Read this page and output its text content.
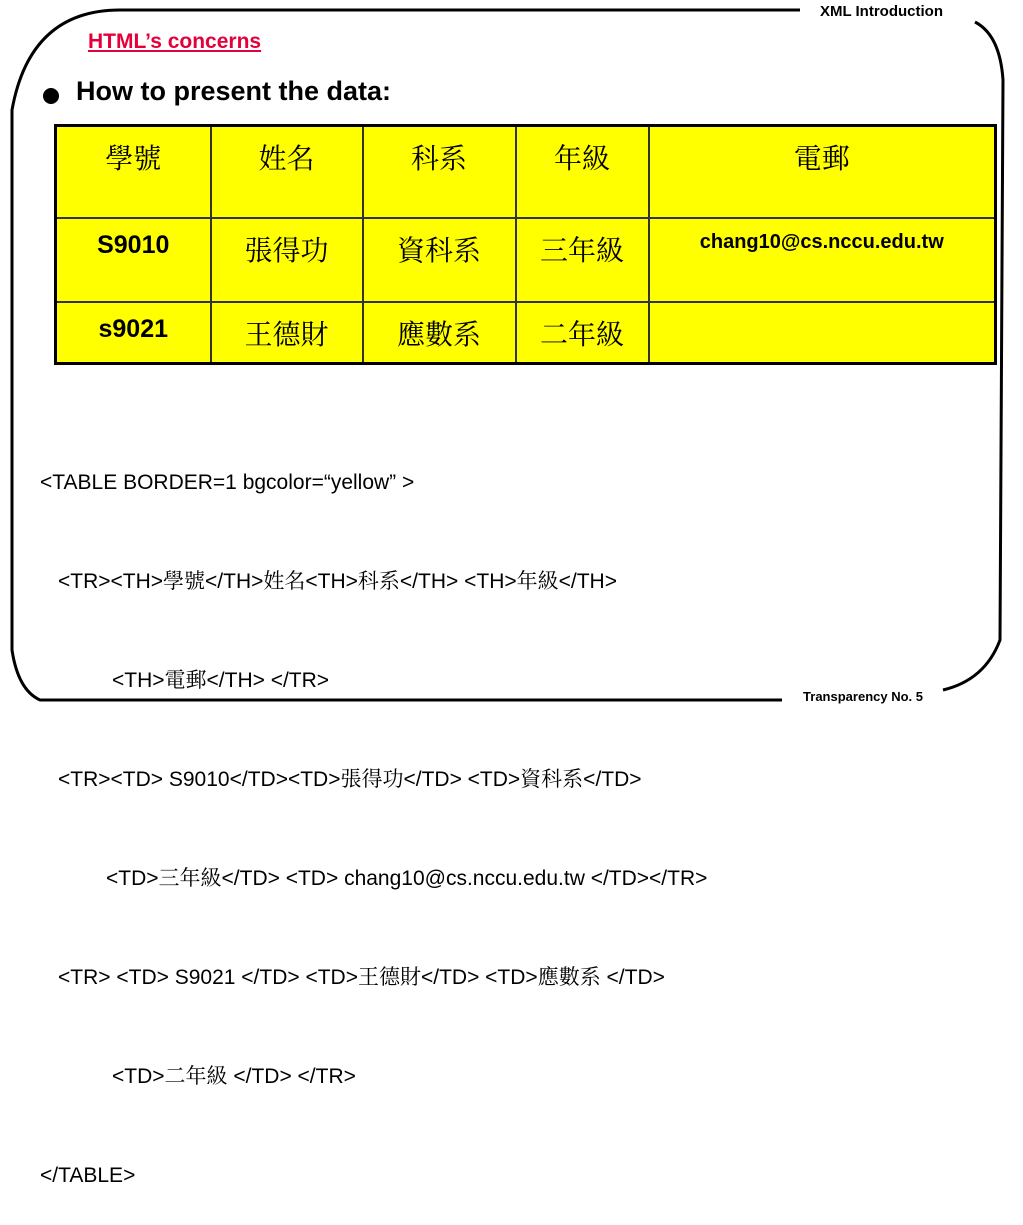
XML Introduction
HTML’s concerns
How to present the data:
學號	姓名	科系	年級	電郵
S9010	張得功	資科系	三年級	chang10@cs.nccu.edu.tw
s9021	王德財	應數系	二年級	

<TABLE BORDER=1 bgcolor=“yellow” >

<TR><TH>學號</TH>姓名<TH>科系</TH> <TH>年級</TH>

<TH>電郵</TH> </TR>

<TR><TD> S9010</TD><TD>張得功</TD> <TD>資科系</TD>

<TD>三年級</TD> <TD> chang10@cs.nccu.edu.tw </TD></TR>

<TR> <TD> S9021 </TD> <TD>王德財</TD> <TD>應數系 </TD>

<TD>二年級 </TD> </TR>

</TABLE>

Transparency No. 5
